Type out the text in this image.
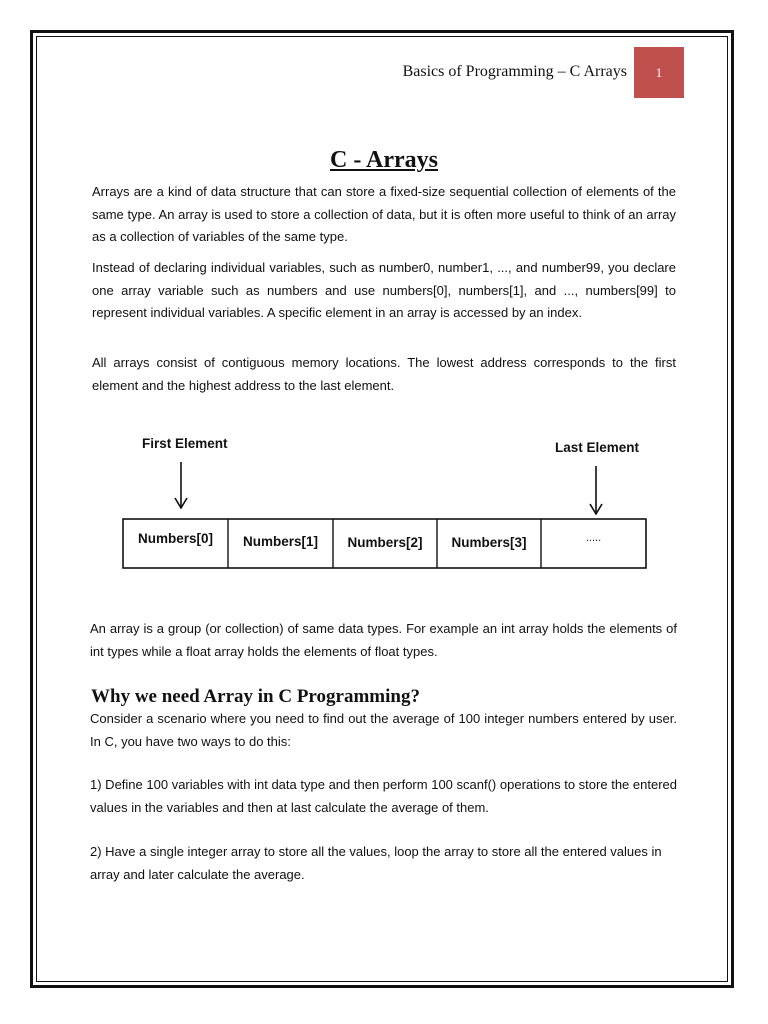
Basics of Programming – C Arrays 1
C - Arrays

Arrays are a kind of data structure that can store a fixed-size sequential collection of elements of the same type. An array is used to store a collection of data, but it is often more useful to think of an array as a collection of variables of the same type.

Instead of declaring individual variables, such as number0, number1, ..., and number99, you declare one array variable such as numbers and use numbers[0], numbers[1], and ..., numbers[99] to represent individual variables. A specific element in an array is accessed by an index.

All arrays consist of contiguous memory locations. The lowest address corresponds to the first element and the highest address to the last element.

First Element	Last Element
Numbers[0]	Numbers[1]	Numbers[2]	Numbers[3]	.....

An array is a group (or collection) of same data types. For example an int array holds the elements of int types while a float array holds the elements of float types.

Why we need Array in C Programming?

Consider a scenario where you need to find out the average of 100 integer numbers entered by user. In C, you have two ways to do this:

1) Define 100 variables with int data type and then perform 100 scanf() operations to store the entered values in the variables and then at last calculate the average of them.

2) Have a single integer array to store all the values, loop the array to store all the entered values in array and later calculate the average.
